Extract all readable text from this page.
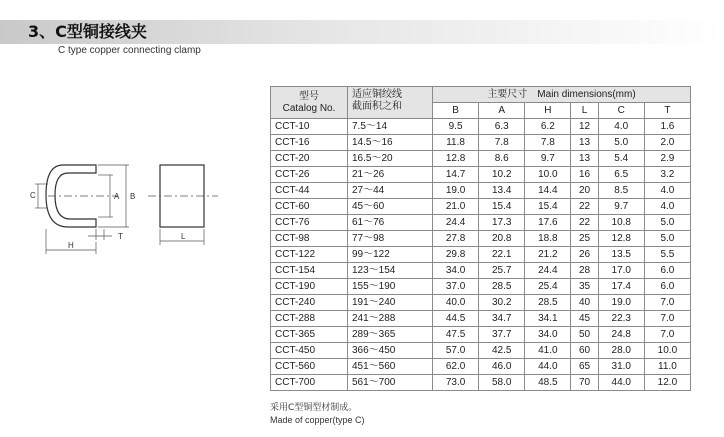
3、C型铜接线夹
C type copper connecting clamp
C	A B
T
H
L
型号
Catalog No.	适应铜绞线
截面积之和	主要尺寸　Main dimensions(mm)					
		B	A	H	L	C	T
CCT-10	7.5～14	9.5	6.3	6.2	12	4.0	1.6
CCT-16	14.5～16	11.8	7.8	7.8	13	5.0	2.0
CCT-20	16.5～20	12.8	8.6	9.7	13	5.4	2.9
CCT-26	21～26	14.7	10.2	10.0	16	6.5	3.2
CCT-44	27～44	19.0	13.4	14.4	20	8.5	4.0
CCT-60	45～60	21.0	15.4	15.4	22	9.7	4.0
CCT-76	61～76	24.4	17.3	17.6	22	10.8	5.0
CCT-98	77～98	27.8	20.8	18.8	25	12.8	5.0
CCT-122	99～122	29.8	22.1	21.2	26	13.5	5.5
CCT-154	123～154	34.0	25.7	24.4	28	17.0	6.0
CCT-190	155～190	37.0	28.5	25.4	35	17.4	6.0
CCT-240	191～240	40.0	30.2	28.5	40	19.0	7.0
CCT-288	241～288	44.5	34.7	34.1	45	22.3	7.0
CCT-365	289～365	47.5	37.7	34.0	50	24.8	7.0
CCT-450	366～450	57.0	42.5	41.0	60	28.0	10.0
CCT-560	451～560	62.0	46.0	44.0	65	31.0	11.0
CCT-700	561～700	73.0	58.0	48.5	70	44.0	12.0
采用C型铜型材制成。
Made of copper(type C)
